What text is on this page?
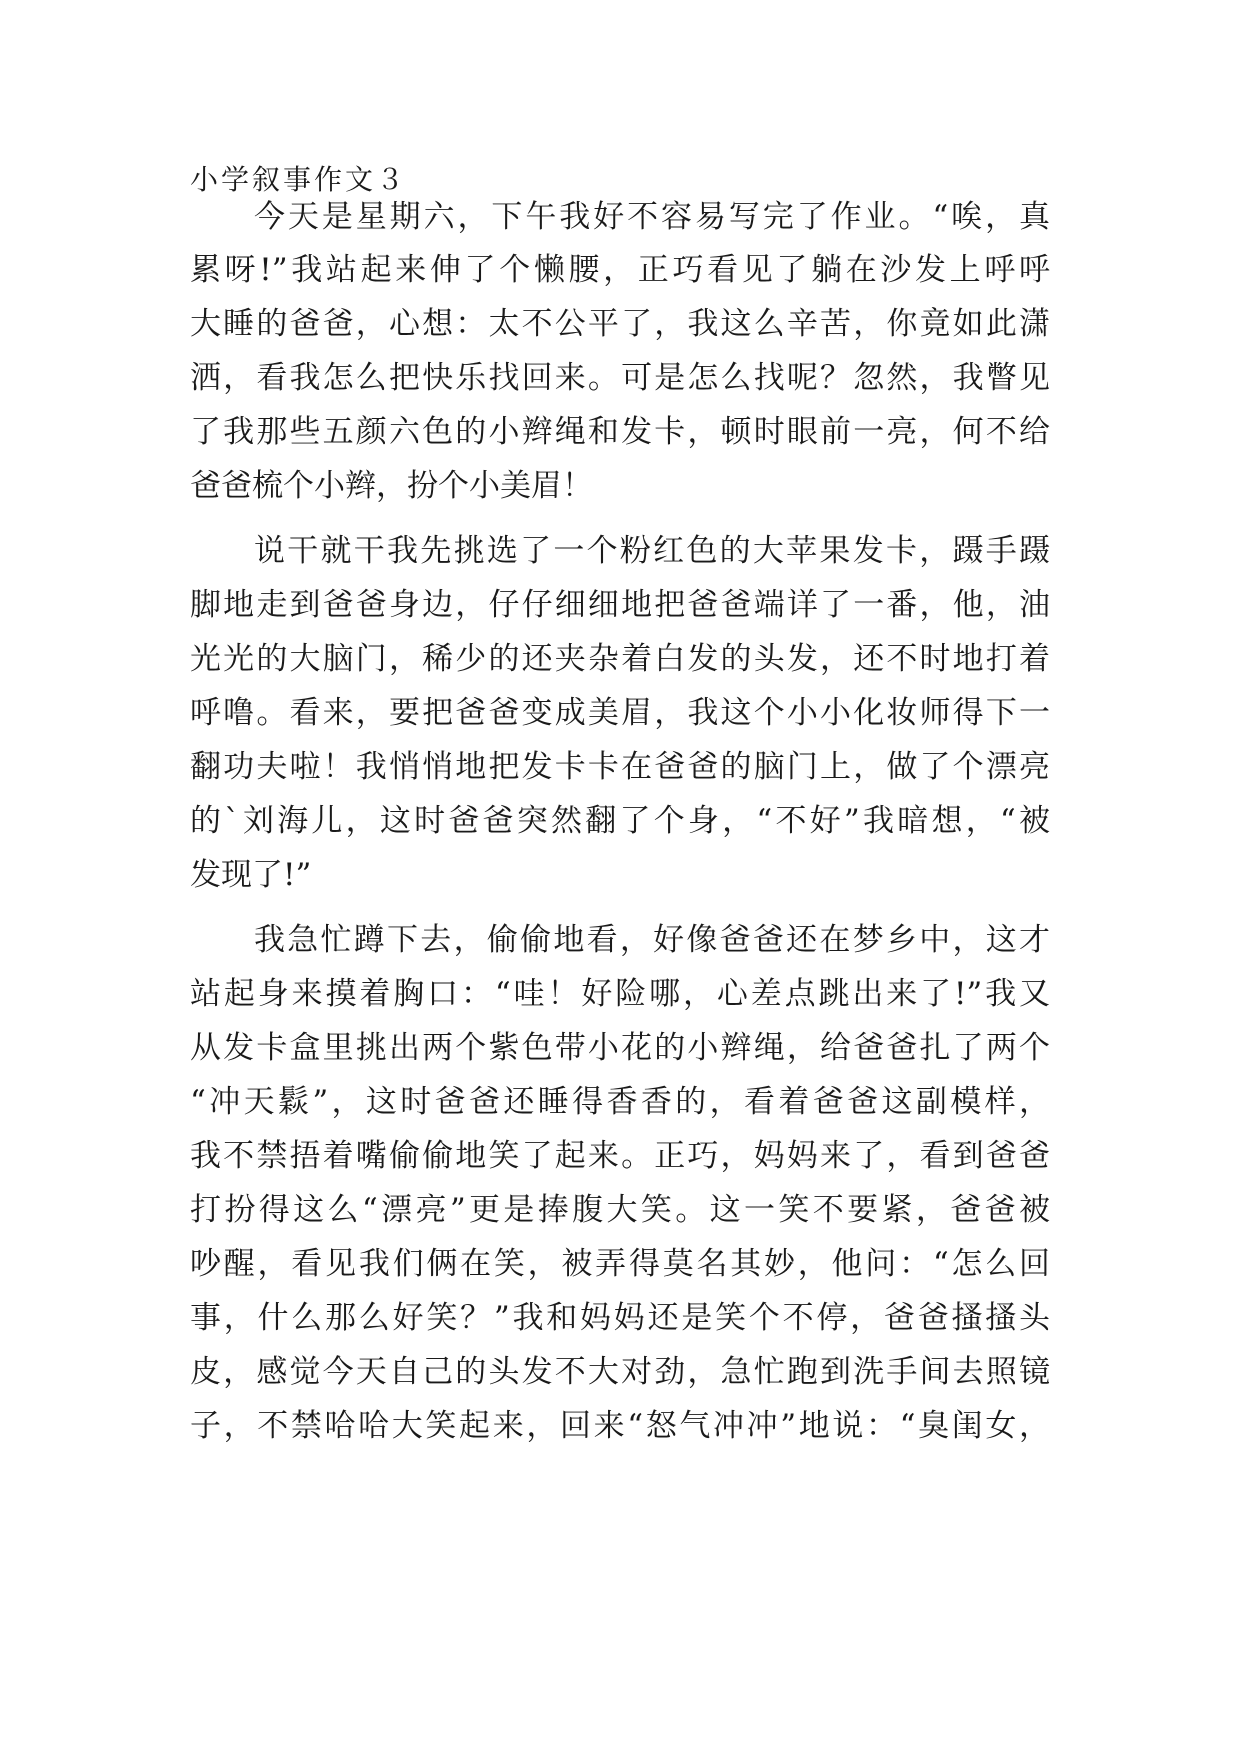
小学叙事作文３
今天是星期六，下午我好不容易写完了作业。“唉，真
累呀!”我站起来伸了个懒腰，正巧看见了躺在沙发上呼呼
大睡的爸爸，心想：太不公平了，我这么辛苦，你竟如此潇
洒，看我怎么把快乐找回来。可是怎么找呢？忽然，我瞥见
了我那些五颜六色的小辫绳和发卡，顿时眼前一亮，何不给
爸爸梳个小辫，扮个小美眉！
说干就干我先挑选了一个粉红色的大苹果发卡，蹑手蹑
脚地走到爸爸身边，仔仔细细地把爸爸端详了一番，他，油
光光的大脑门，稀少的还夹杂着白发的头发，还不时地打着
呼噜。看来，要把爸爸变成美眉，我这个小小化妆师得下一
翻功夫啦！我悄悄地把发卡卡在爸爸的脑门上，做了个漂亮
的`刘海儿，这时爸爸突然翻了个身，“不好”我暗想，“被
发现了!”
我急忙蹲下去，偷偷地看，好像爸爸还在梦乡中，这才
站起身来摸着胸口：“哇！好险哪，心差点跳出来了!”我又
从发卡盒里挑出两个紫色带小花的小辫绳，给爸爸扎了两个
“冲天鬏”，这时爸爸还睡得香香的，看着爸爸这副模样，
我不禁捂着嘴偷偷地笑了起来。正巧，妈妈来了，看到爸爸
打扮得这么“漂亮”更是捧腹大笑。这一笑不要紧，爸爸被
吵醒，看见我们俩在笑，被弄得莫名其妙，他问：“怎么回
事，什么那么好笑？”我和妈妈还是笑个不停，爸爸搔搔头
皮，感觉今天自己的头发不大对劲，急忙跑到洗手间去照镜
子，不禁哈哈大笑起来，回来“怒气冲冲”地说：“臭闺女，
